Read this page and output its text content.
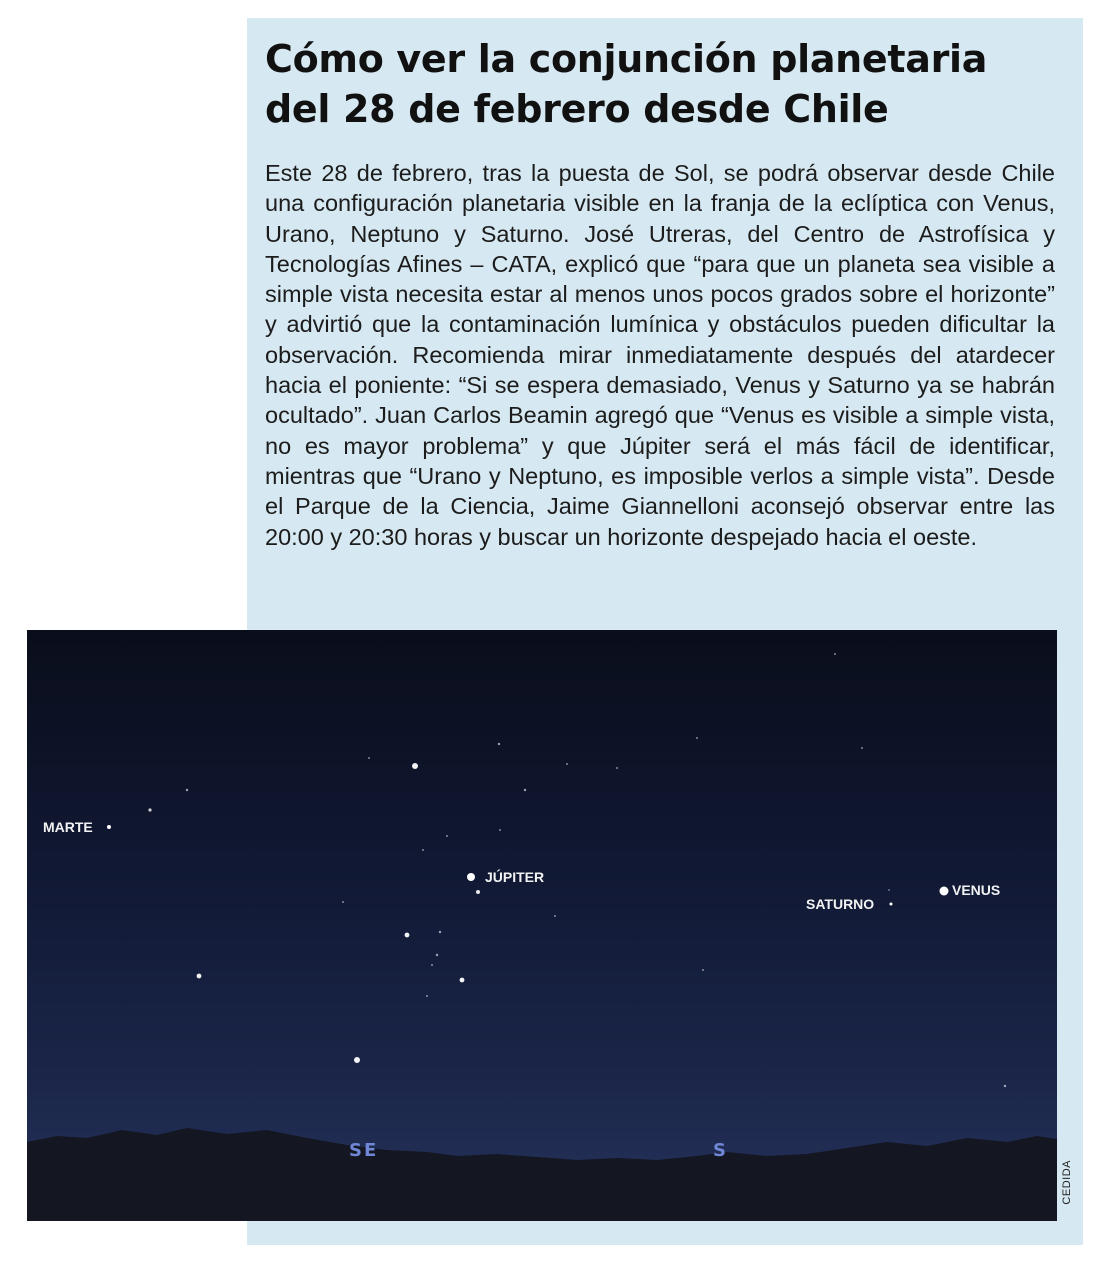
Cómo ver la conjunción planetaria
del 28 de febrero desde Chile

Este 28 de febrero, tras la puesta de Sol, se podrá observar desde Chile una configuración planetaria visible en la franja de la eclíptica con Venus, Urano, Neptuno y Saturno. José Utreras, del Centro de Astrofísica y Tecnologías Afines – CATA, explicó que “para que un planeta sea visible a simple vista necesita estar al menos unos pocos grados sobre el horizonte” y advirtió que la contaminación lumínica y obstáculos pueden dificultar la observación. Recomienda mirar inmediatamente después del atardecer hacia el poniente: “Si se espera demasiado, Venus y Saturno ya se habrán ocultado”. Juan Carlos Beamin agregó que “Venus es visible a simple vista, no es mayor problema” y que Júpiter será el más fácil de identificar, mientras que “Urano y Neptuno, es imposible verlos a simple vista”. Desde el Parque de la Ciencia, Jaime Giannelloni aconsejó observar entre las 20:00 y 20:30 horas y buscar un horizonte despejado hacia el oeste.

MARTE
JÚPITER
SATURNO
VENUS
SE	S
CEDIDA
